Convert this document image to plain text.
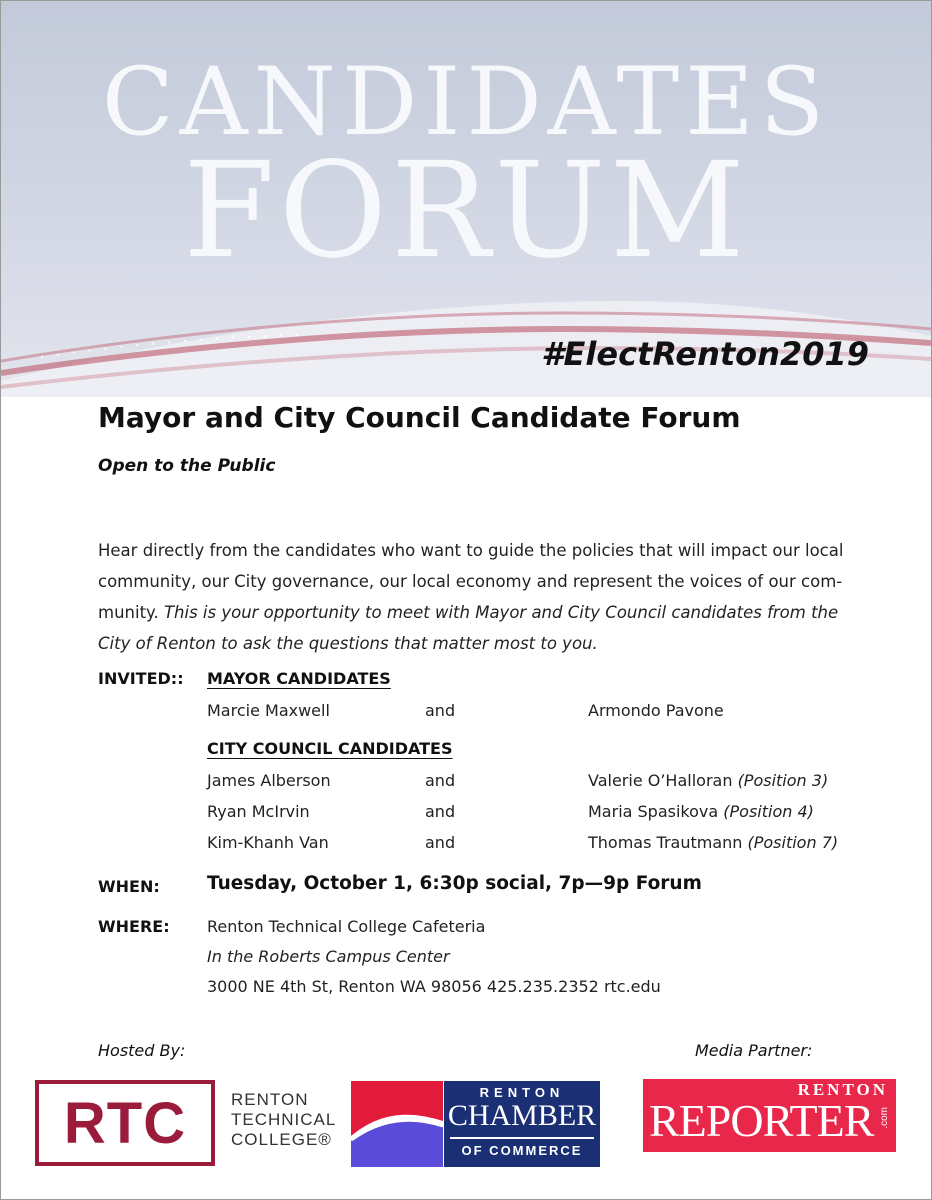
CANDIDATES
FORUM
#ElectRenton2019
Mayor and City Council Candidate Forum
Open to the Public
Hear directly from the candidates who want to guide the policies that will impact our local
community, our City governance, our local economy and represent the voices of our com-
munity. This is your opportunity to meet with Mayor and City Council candidates from the
City of Renton to ask the questions that matter most to you.
INVITED:: MAYOR CANDIDATES
Marcie Maxwell	and	Armondo Pavone
CITY COUNCIL CANDIDATES
James Alberson	and	Valerie O’Halloran (Position 3)
Ryan McIrvin	and	Maria Spasikova (Position 4)
Kim-Khanh Van	and	Thomas Trautmann (Position 7)
WHEN:	Tuesday, October 1, 6:30p social, 7p—9p Forum
WHERE: Renton Technical College Cafeteria
In the Roberts Campus Center
3000 NE 4th St, Renton WA 98056 425.235.2352 rtc.edu
Hosted By:	Media Partner:
RTC	RENTON
TECHNICAL
COLLEGE®
RENTON
CHAMBER
OF COMMERCE
RENTON
REPORTER .com
